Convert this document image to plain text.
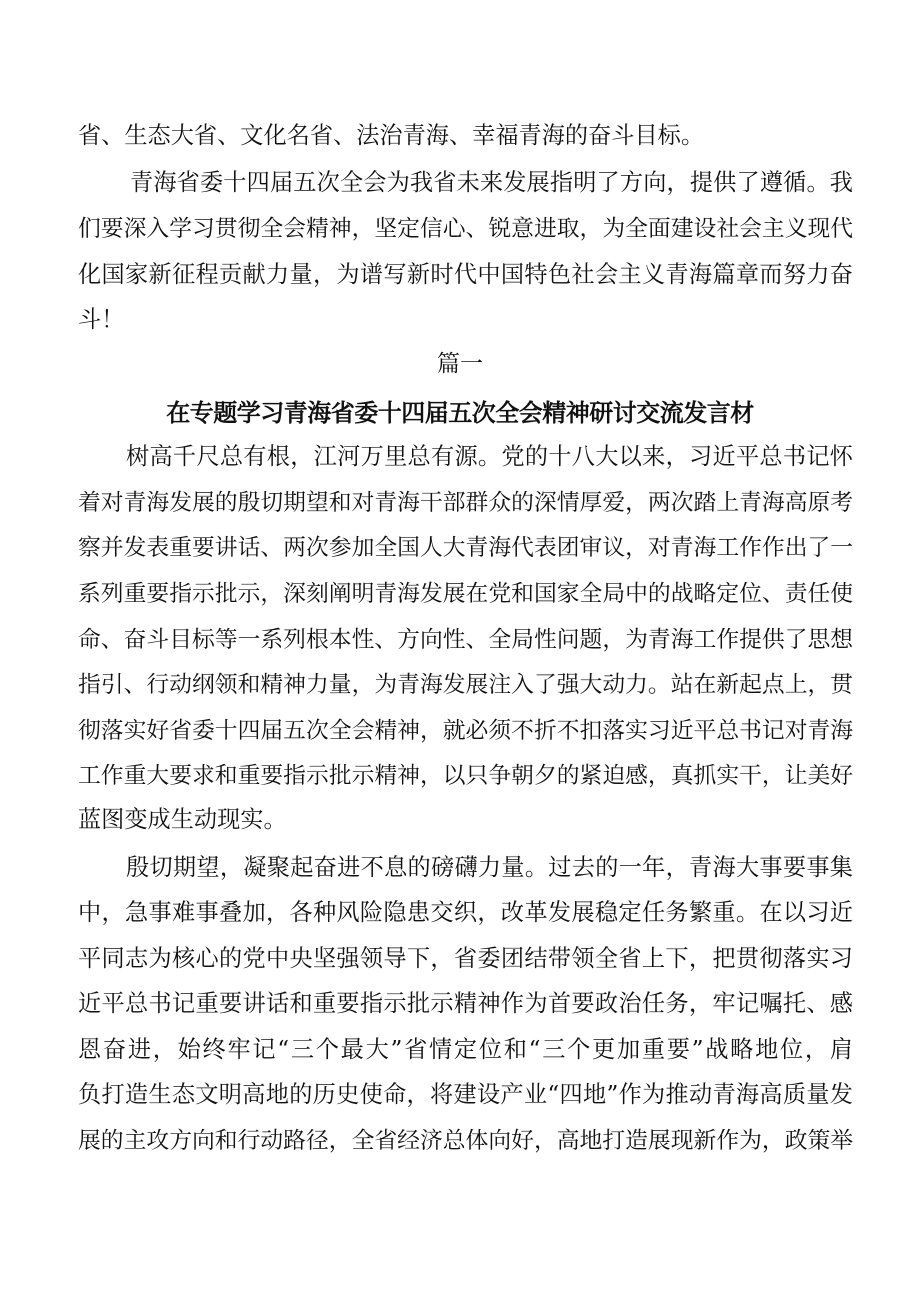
省、生态大省、文化名省、法治青海、幸福青海的奋斗目标。
青海省委十四届五次全会为我省未来发展指明了方向，提供了遵循。我
们要深入学习贯彻全会精神，坚定信心、锐意进取，为全面建设社会主义现代
化国家新征程贡献力量，为谱写新时代中国特色社会主义青海篇章而努力奋
斗！
篇一
在专题学习青海省委十四届五次全会精神研讨交流发言材
树高千尺总有根，江河万里总有源。党的十八大以来，习近平总书记怀
着对青海发展的殷切期望和对青海干部群众的深情厚爱，两次踏上青海高原考
察并发表重要讲话、两次参加全国人大青海代表团审议，对青海工作作出了一
系列重要指示批示，深刻阐明青海发展在党和国家全局中的战略定位、责任使
命、奋斗目标等一系列根本性、方向性、全局性问题，为青海工作提供了思想
指引、行动纲领和精神力量，为青海发展注入了强大动力。站在新起点上，贯
彻落实好省委十四届五次全会精神，就必须不折不扣落实习近平总书记对青海
工作重大要求和重要指示批示精神，以只争朝夕的紧迫感，真抓实干，让美好
蓝图变成生动现实。
殷切期望，凝聚起奋进不息的磅礴力量。过去的一年，青海大事要事集
中，急事难事叠加，各种风险隐患交织，改革发展稳定任务繁重。在以习近
平同志为核心的党中央坚强领导下，省委团结带领全省上下，把贯彻落实习
近平总书记重要讲话和重要指示批示精神作为首要政治任务，牢记嘱托、感
恩奋进，始终牢记“三个最大”省情定位和“三个更加重要”战略地位，肩
负打造生态文明高地的历史使命，将建设产业“四地”作为推动青海高质量发
展的主攻方向和行动路径，全省经济总体向好，高地打造展现新作为，政策举
